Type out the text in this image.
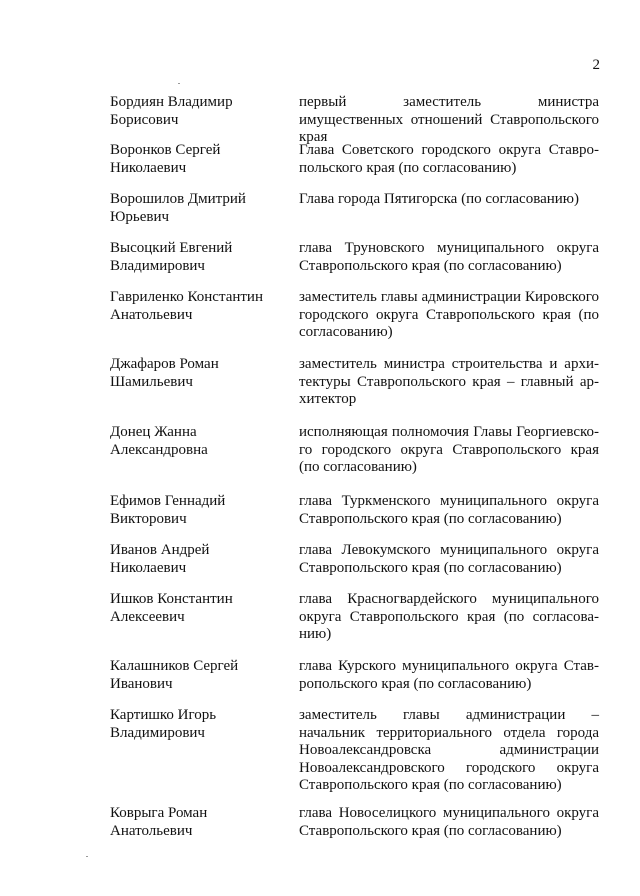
2

Бордиян Владимир
Борисович

первый заместитель министра имущественных отношений Ставропольского края

Воронков Сергей
Николаевич

Глава Советского городского округа Ставропольского края (по согласованию)

Ворошилов Дмитрий
Юрьевич

Глава города Пятигорска (по согласованию)

Высоцкий Евгений
Владимирович

глава Труновского муниципального округа Ставропольского края (по согласованию)

Гавриленко Константин
Анатольевич

заместитель главы администрации Кировского городского округа Ставропольского края (по согласованию)

Джафаров Роман
Шамильевич

заместитель министра строительства и архитектуры Ставропольского края – главный архитектор

Донец Жанна
Александровна

исполняющая полномочия Главы Георгиевского городского округа Ставропольского края (по согласованию)

Ефимов Геннадий
Викторович

глава Туркменского муниципального округа Ставропольского края (по согласованию)

Иванов Андрей
Николаевич

глава Левокумского муниципального округа Ставропольского края (по согласованию)

Ишков Константин
Алексеевич

глава Красногвардейского муниципального округа Ставропольского края (по согласованию)

Калашников Сергей
Иванович

глава Курского муниципального округа Ставропольского края (по согласованию)

Картишко Игорь
Владимирович

заместитель главы администрации – начальник территориального отдела города Новоалександровска администрации Новоалександровского городского округа Ставропольского края (по согласованию)

Коврыга Роман
Анатольевич

глава Новоселицкого муниципального округа Ставропольского края (по согласованию)
